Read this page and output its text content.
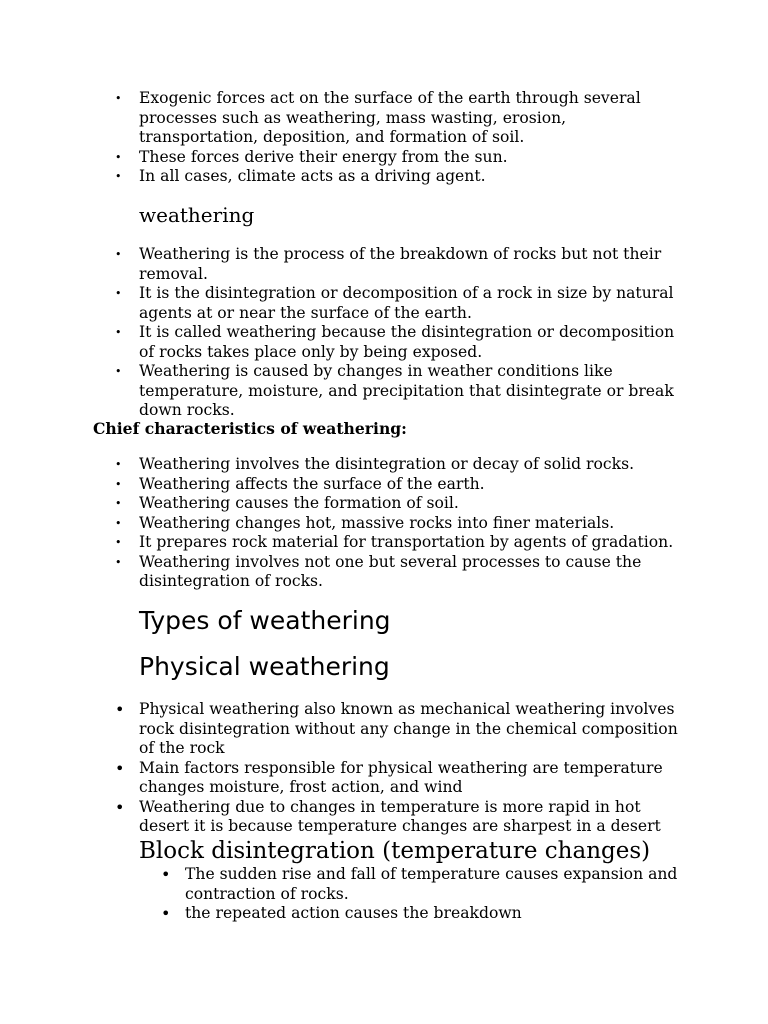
• Exogenic forces act on the surface of the earth through several processes such as weathering, mass wasting, erosion, transportation, deposition, and formation of soil.
• These forces derive their energy from the sun.
• In all cases, climate acts as a driving agent.
weathering
• Weathering is the process of the breakdown of rocks but not their removal.
• It is the disintegration or decomposition of a rock in size by natural agents at or near the surface of the earth.
• It is called weathering because the disintegration or decomposition of rocks takes place only by being exposed.
• Weathering is caused by changes in weather conditions like temperature, moisture, and precipitation that disintegrate or break down rocks.
Chief characteristics of weathering:
• Weathering involves the disintegration or decay of solid rocks.
• Weathering affects the surface of the earth.
• Weathering causes the formation of soil.
• Weathering changes hot, massive rocks into finer materials.
• It prepares rock material for transportation by agents of gradation.
• Weathering involves not one but several processes to cause the disintegration of rocks.
Types of weathering
Physical weathering
• Physical weathering also known as mechanical weathering involves rock disintegration without any change in the chemical composition of the rock
• Main factors responsible for physical weathering are temperature changes moisture, frost action, and wind
• Weathering due to changes in temperature is more rapid in hot desert it is because temperature changes are sharpest in a desert
Block disintegration (temperature changes)
• The sudden rise and fall of temperature causes expansion and contraction of rocks.
• the repeated action causes the breakdown
